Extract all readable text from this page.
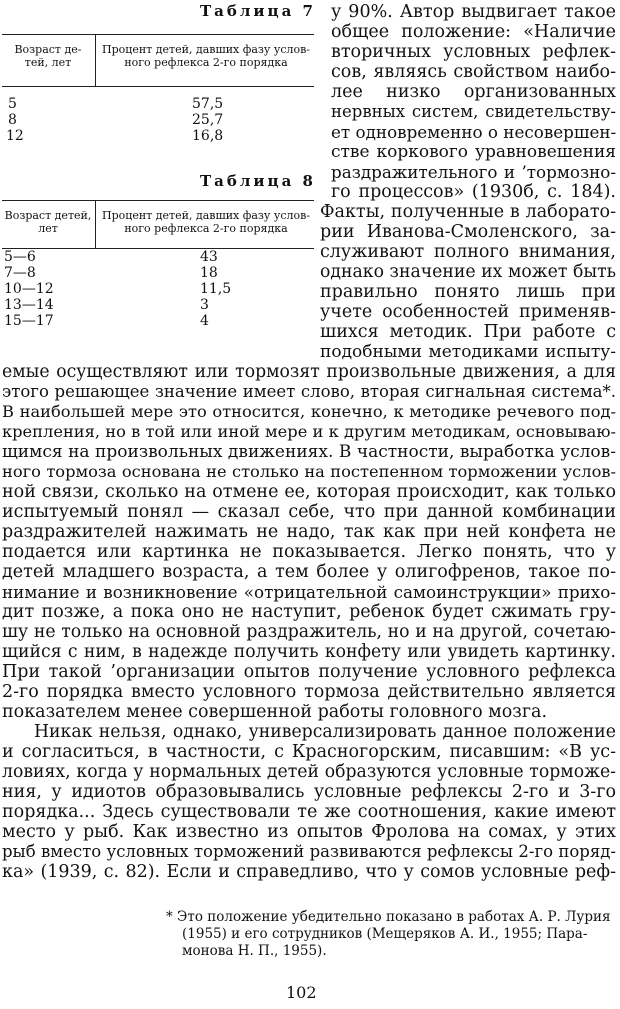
Таблица 7
Возраст де-
тей, лет
Процент детей, давших фазу услов-
ного рефлекса 2-го порядка
5	57,5
8	25,7
12	16,8
Таблица 8
Возраст детей,
лет
Процент детей, давших фазу услов-
ного рефлекса 2-го порядка
5—6	43
7—8	18
10—12	11,5
13—14	3
15—17	4
у 90%. Автор выдвигает такое
общее положение: «Наличие
вторичных условных рефлек-
сов, являясь свойством наибо-
лее низко организованных
нервных систем, свидетельству-
ет одновременно о несовершен-
стве коркового уравновешения
раздражительного и ’тормозно-
го процессов» (1930б, с. 184).
Факты, полученные в лаборато-
рии Иванова-Смоленского, за-
служивают полного внимания,
однако значение их может быть
правильно понято лишь при
учете особенностей применяв-
шихся методик. При работе с
подобными методиками испыту-
емые осуществляют или тормозят произвольные движения, а для
этого решающее значение имеет слово, вторая сигнальная система*.
В наибольшей мере это относится, конечно, к методике речевого под-
крепления, но в той или иной мере и к другим методикам, основываю-
щимся на произвольных движениях. В частности, выработка услов-
ного тормоза основана не столько на постепенном торможении услов-
ной связи, сколько на отмене ее, которая происходит, как только
испытуемый понял — сказал себе, что при данной комбинации
раздражителей нажимать не надо, так как при ней конфета не
подается или картинка не показывается. Легко понять, что у
детей младшего возраста, а тем более у олигофренов, такое по-
нимание и возникновение «отрицательной самоинструкции» прихо-
дит позже, а пока оно не наступит, ребенок будет сжимать гру-
шу не только на основной раздражитель, но и на другой, сочетаю-
щийся с ним, в надежде получить конфету или увидеть картинку.
При такой ’организации опытов получение условного рефлекса
2-го порядка вместо условного тормоза действительно является
показателем менее совершенной работы головного мозга.
Никак нельзя, однако, универсализировать данное положение
и согласиться, в частности, с Красногорским, писавшим: «В ус-
ловиях, когда у нормальных детей образуются условные торможе-
ния, у идиотов образовывались условные рефлексы 2-го и 3-го
порядка... Здесь существовали те же соотношения, какие имеют
место у рыб. Как известно из опытов Фролова на сомах, у этих
рыб вместо условных торможений развиваются рефлексы 2-го поряд-
ка» (1939, с. 82). Если и справедливо, что у сомов условные реф-
* Это положение убедительно показано в работах А. Р. Лурия
(1955) и его сотрудников (Мещеряков А. И., 1955; Пара-
монова Н. П., 1955).
102
